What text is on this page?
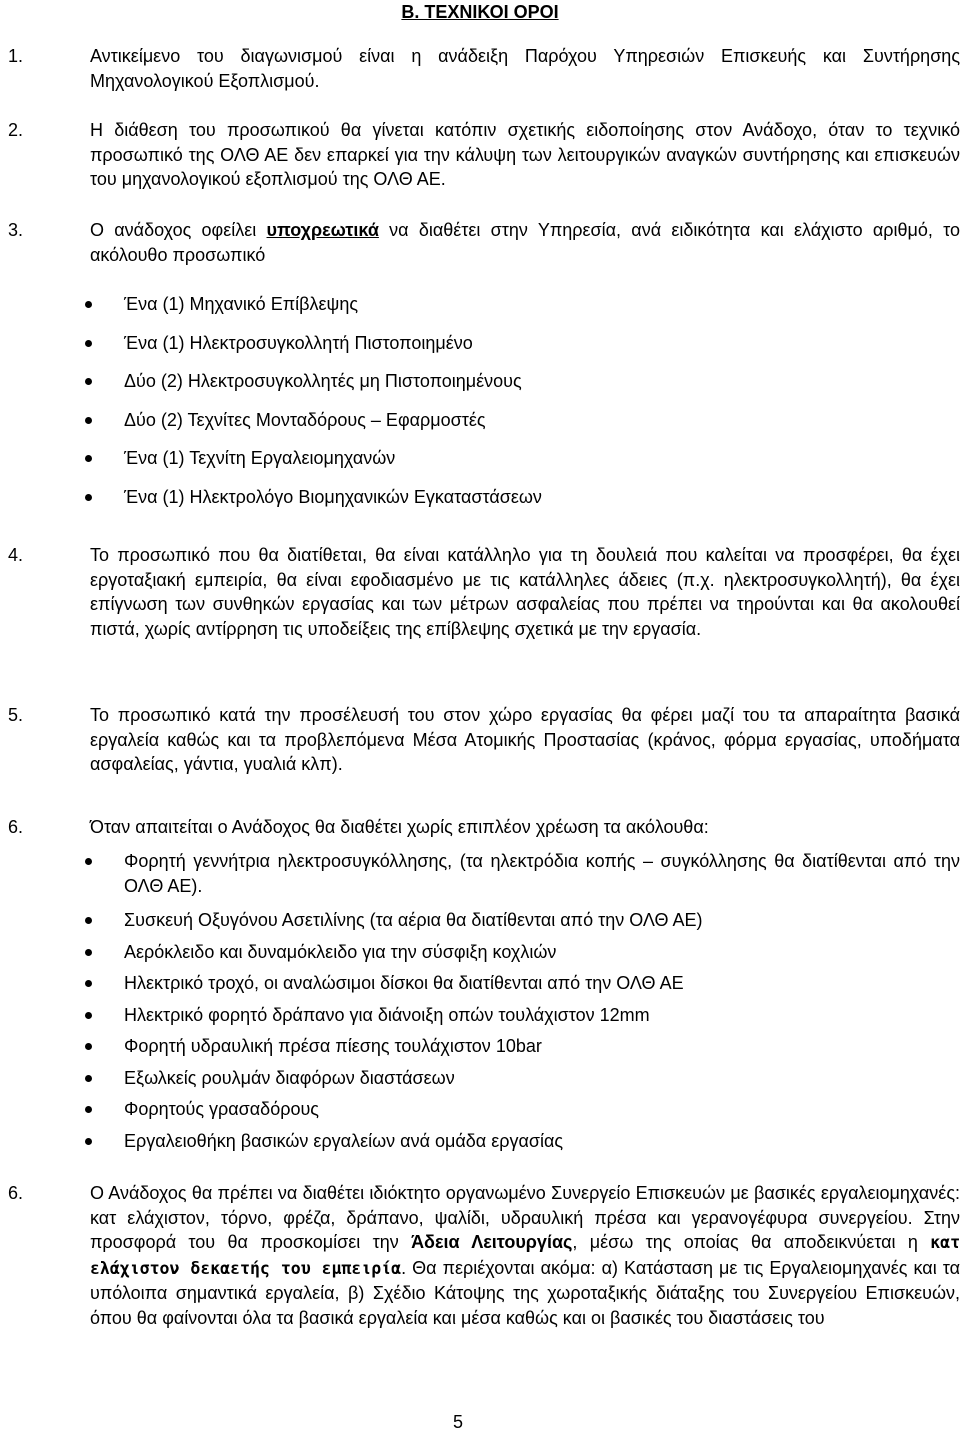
Β. ΤΕΧΝΙΚΟΙ ΟΡΟΙ
1.	Αντικείμενο του διαγωνισμού είναι η ανάδειξη Παρόχου Υπηρεσιών Επισκευής και Συντήρησης Μηχανολογικού Εξοπλισμού.
2.	Η διάθεση του προσωπικού θα γίνεται κατόπιν σχετικής ειδοποίησης στον Ανάδοχο, όταν το τεχνικό προσωπικό της ΟΛΘ ΑΕ δεν επαρκεί για την κάλυψη των λειτουργικών αναγκών συντήρησης και επισκευών του μηχανολογικού εξοπλισμού της ΟΛΘ ΑΕ.
3.	Ο ανάδοχος οφείλει υποχρεωτικά να διαθέτει στην Υπηρεσία, ανά ειδικότητα και ελάχιστο αριθμό, το ακόλουθο προσωπικό
Ένα (1) Μηχανικό Επίβλεψης
Ένα (1) Ηλεκτροσυγκολλητή Πιστοποιημένο
Δύο (2) Ηλεκτροσυγκολλητές μη Πιστοποιημένους
Δύο (2) Τεχνίτες Μονταδόρους – Εφαρμοστές
Ένα (1) Τεχνίτη Εργαλειομηχανών
Ένα (1) Ηλεκτρολόγο Βιομηχανικών Εγκαταστάσεων
4.	Το προσωπικό που θα διατίθεται, θα είναι κατάλληλο για τη δουλειά που καλείται να προσφέρει, θα έχει εργοταξιακή εμπειρία, θα είναι εφοδιασμένο με τις κατάλληλες άδειες (π.χ. ηλεκτροσυγκολλητή), θα έχει επίγνωση των συνθηκών εργασίας και των μέτρων ασφαλείας που πρέπει να τηρούνται και θα ακολουθεί πιστά, χωρίς αντίρρηση τις υποδείξεις της επίβλεψης σχετικά με την εργασία.
5.	Το προσωπικό κατά την προσέλευσή του στον χώρο εργασίας θα φέρει μαζί του τα απαραίτητα βασικά εργαλεία καθώς και τα προβλεπόμενα Μέσα Ατομικής Προστασίας (κράνος, φόρμα εργασίας, υποδήματα ασφαλείας, γάντια, γυαλιά κλπ).
6.	Όταν απαιτείται ο Ανάδοχος θα διαθέτει χωρίς επιπλέον χρέωση τα ακόλουθα:
Φορητή γεννήτρια ηλεκτροσυγκόλλησης, (τα ηλεκτρόδια κοπής – συγκόλλησης θα διατίθενται από την ΟΛΘ ΑΕ).
Συσκευή Οξυγόνου Ασετιλίνης (τα αέρια θα διατίθενται από την ΟΛΘ ΑΕ)
Αερόκλειδο και δυναμόκλειδο για την σύσφιξη κοχλιών
Ηλεκτρικό τροχό, οι αναλώσιμοι δίσκοι θα διατίθενται από την ΟΛΘ ΑΕ
Ηλεκτρικό φορητό δράπανο για διάνοιξη οπών τουλάχιστον 12mm
Φορητή υδραυλική πρέσα πίεσης τουλάχιστον 10bar
Εξωλκείς ρουλμάν διαφόρων διαστάσεων
Φορητούς γρασαδόρους
Εργαλειοθήκη βασικών εργαλείων ανά ομάδα εργασίας
6.	Ο Ανάδοχος θα πρέπει να διαθέτει ιδιόκτητο οργανωμένο Συνεργείο Επισκευών με βασικές εργαλειομηχανές: κατ ελάχιστον, τόρνο, φρέζα, δράπανο, ψαλίδι, υδραυλική πρέσα και γερανογέφυρα συνεργείου. Στην προσφορά του θα προσκομίσει την Άδεια Λειτουργίας, μέσω της οποίας θα αποδεικνύεται η κατ ελάχιστον δεκαετής του εμπειρία. Θα περιέχονται ακόμα: α) Κατάσταση με τις Εργαλειομηχανές και τα υπόλοιπα σημαντικά εργαλεία, β) Σχέδιο Κάτοψης της χωροταξικής διάταξης του Συνεργείου Επισκευών, όπου θα φαίνονται όλα τα βασικά εργαλεία και μέσα καθώς και οι βασικές του διαστάσεις του
5
